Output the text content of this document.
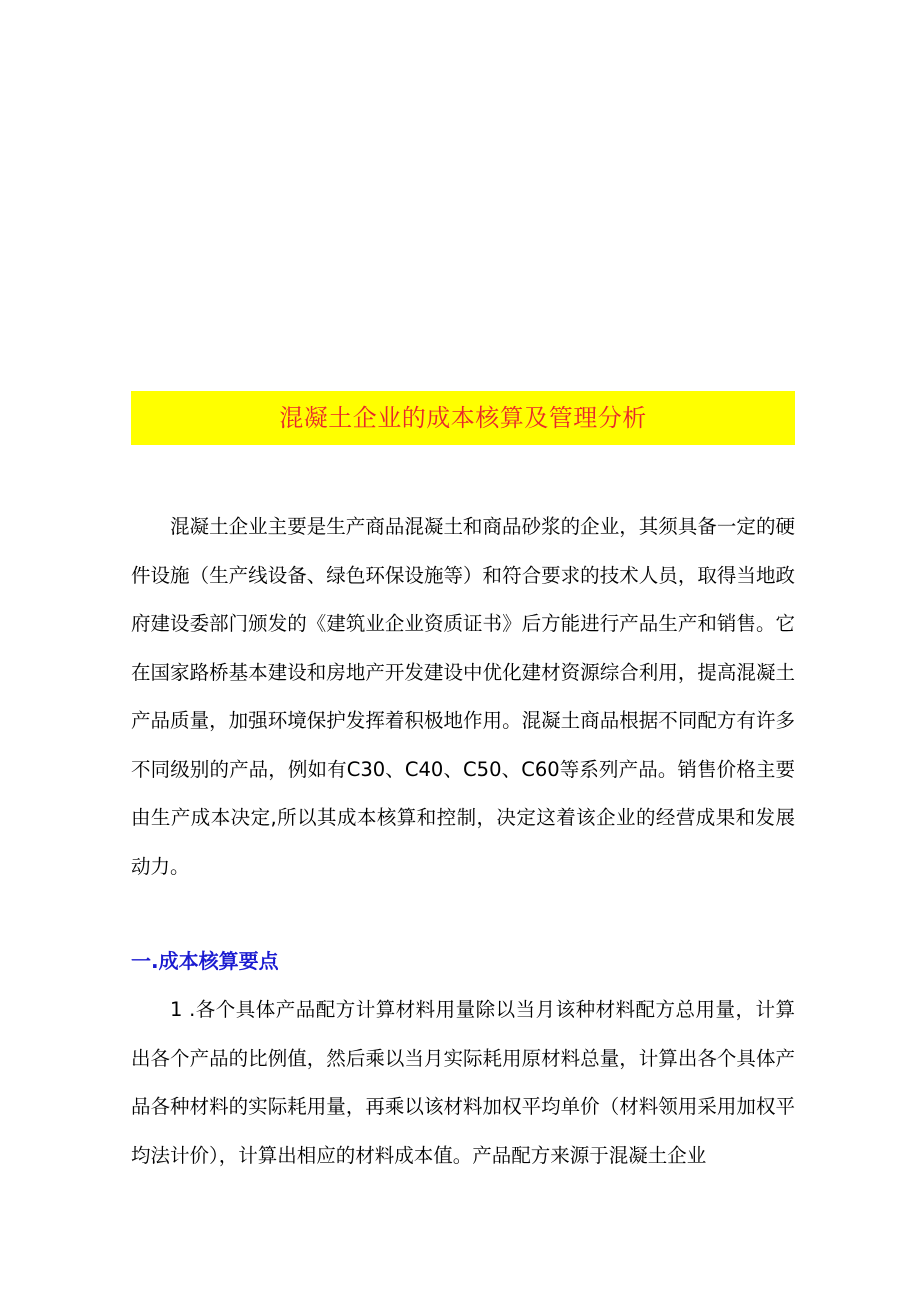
混凝土企业的成本核算及管理分析

混凝土企业主要是生产商品混凝土和商品砂浆的企业，其须具备一定的硬件设施（生产线设备、绿色环保设施等）和符合要求的技术人员，取得当地政府建设委部门颁发的《建筑业企业资质证书》后方能进行产品生产和销售。它在国家路桥基本建设和房地产开发建设中优化建材资源综合利用，提高混凝土产品质量，加强环境保护发挥着积极地作用。混凝土商品根据不同配方有许多不同级别的产品，例如有C30、C40、C50、C60等系列产品。销售价格主要由生产成本决定,所以其成本核算和控制，决定这着该企业的经营成果和发展动力。

一.成本核算要点

1 .各个具体产品配方计算材料用量除以当月该种材料配方总用量，计算出各个产品的比例值，然后乘以当月实际耗用原材料总量，计算出各个具体产品各种材料的实际耗用量，再乘以该材料加权平均单价（材料领用采用加权平均法计价），计算出相应的材料成本值。产品配方来源于混凝土企业
